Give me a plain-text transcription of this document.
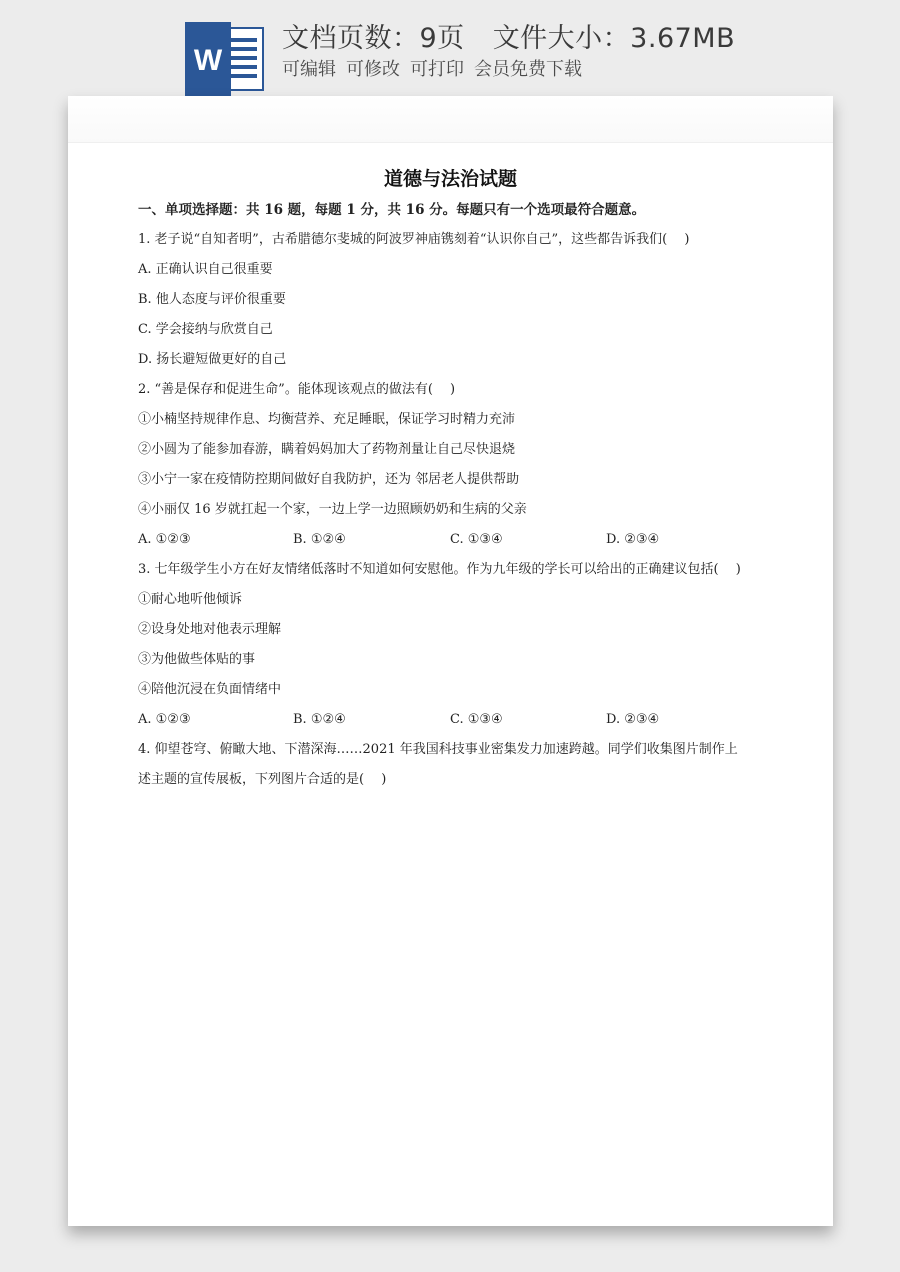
W
文档页数：9页 文件大小：3.67MB
可编辑 可修改 可打印 会员免费下载
道德与法治试题
一、单项选择题：共 16 题，每题 1 分，共 16 分。每题只有一个选项最符合题意。
1. 老子说“自知者明”，古希腊德尔斐城的阿波罗神庙镌刻着“认识你自己”，这些都告诉我们(　 )
A. 正确认识自己很重要
B. 他人态度与评价很重要
C. 学会接纳与欣赏自己
D. 扬长避短做更好的自己
2. “善是保存和促进生命”。能体现该观点的做法有(　 )
①小楠坚持规律作息、均衡营养、充足睡眠，保证学习时精力充沛
②小圆为了能参加春游，瞒着妈妈加大了药物剂量让自己尽快退烧
③小宁一家在疫情防控期间做好自我防护，还为 邻居老人提供帮助
④小丽仅 16 岁就扛起一个家，一边上学一边照顾奶奶和生病的父亲
A. ①②③	B. ①②④	C. ①③④	D. ②③④
3. 七年级学生小方在好友情绪低落时不知道如何安慰他。作为九年级的学长可以给出的正确建议包括(　 )
①耐心地听他倾诉
②设身处地对他表示理解
③为他做些体贴的事
④陪他沉浸在负面情绪中
A. ①②③	B. ①②④	C. ①③④	D. ②③④
4. 仰望苍穹、俯瞰大地、下潜深海……2021 年我国科技事业密集发力加速跨越。同学们收集图片制作上
述主题的宣传展板，下列图片合适的是(　 )
